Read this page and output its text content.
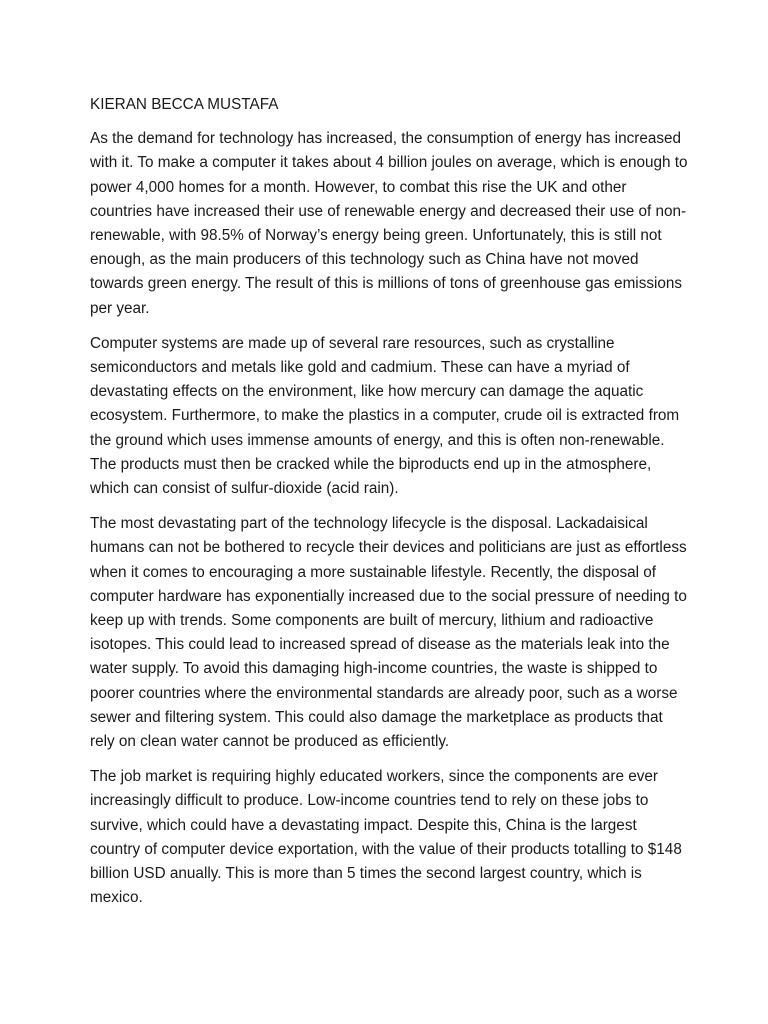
KIERAN BECCA MUSTAFA

As the demand for technology has increased, the consumption of energy has increased with it. To make a computer it takes about 4 billion joules on average, which is enough to power 4,000 homes for a month. However, to combat this rise the UK and other countries have increased their use of renewable energy and decreased their use of non-renewable, with 98.5% of Norway’s energy being green. Unfortunately, this is still not enough, as the main producers of this technology such as China have not moved towards green energy. The result of this is millions of tons of greenhouse gas emissions per year.

Computer systems are made up of several rare resources, such as crystalline semiconductors and metals like gold and cadmium. These can have a myriad of devastating effects on the environment, like how mercury can damage the aquatic ecosystem. Furthermore, to make the plastics in a computer, crude oil is extracted from the ground which uses immense amounts of energy, and this is often non-renewable. The products must then be cracked while the biproducts end up in the atmosphere, which can consist of sulfur-dioxide (acid rain).

The most devastating part of the technology lifecycle is the disposal. Lackadaisical humans can not be bothered to recycle their devices and politicians are just as effortless when it comes to encouraging a more sustainable lifestyle. Recently, the disposal of computer hardware has exponentially increased due to the social pressure of needing to keep up with trends. Some components are built of mercury, lithium and radioactive isotopes. This could lead to increased spread of disease as the materials leak into the water supply. To avoid this damaging high-income countries, the waste is shipped to poorer countries where the environmental standards are already poor, such as a worse sewer and filtering system. This could also damage the marketplace as products that rely on clean water cannot be produced as efficiently.

The job market is requiring highly educated workers, since the components are ever increasingly difficult to produce. Low-income countries tend to rely on these jobs to survive, which could have a devastating impact. Despite this, China is the largest country of computer device exportation, with the value of their products totalling to $148 billion USD anually. This is more than 5 times the second largest country, which is mexico.
